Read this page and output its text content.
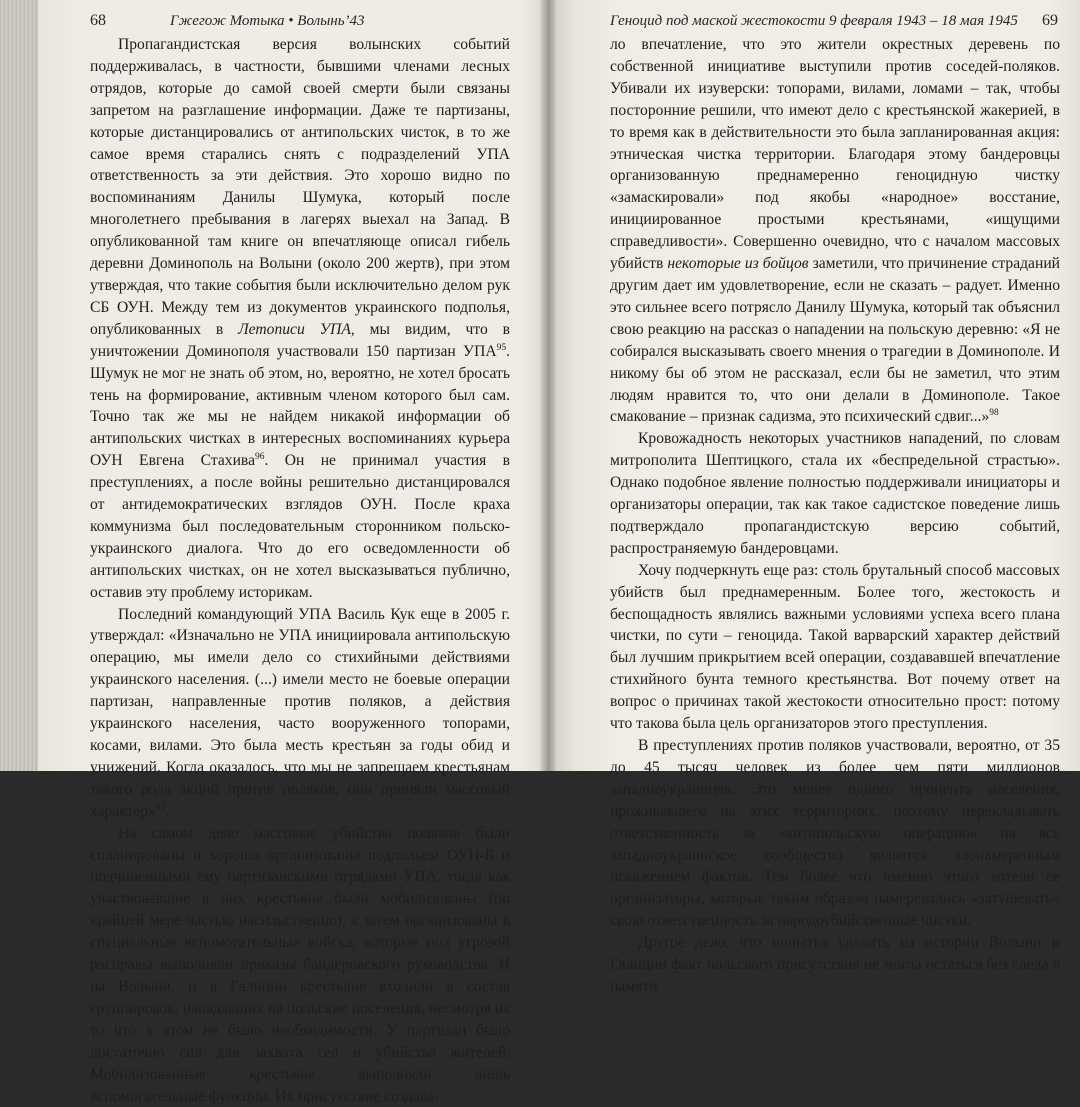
68	Гжегож Мотыка • Волынь’43

Пропагандистская версия волынских событий поддерживалась, в частности, бывшими членами лесных отрядов, которые до самой своей смерти были связаны запретом на разглашение информации. Даже те партизаны, которые дистанцировались от антипольских чисток, в то же самое время старались снять с подразделений УПА ответственность за эти действия. Это хорошо видно по воспоминаниям Данилы Шумука, который после многолетнего пребывания в лагерях выехал на Запад. В опубликованной там книге он впечатляюще описал гибель деревни Доминополь на Волыни (около 200 жертв), при этом утверждая, что такие события были исключительно делом рук СБ ОУН. Между тем из документов украинского подполья, опубликованных в Летописи УПА, мы видим, что в уничтожении Доминополя участвовали 150 партизан УПА$^{95}$. Шумук не мог не знать об этом, но, вероятно, не хотел бросать тень на формирование, активным членом которого был сам. Точно так же мы не найдем никакой информации об антипольских чистках в интересных воспоминаниях курьера ОУН Евгена Стахива$^{96}$. Он не принимал участия в преступлениях, а после войны решительно дистанцировался от антидемократических взглядов ОУН. После краха коммунизма был последовательным сторонником польско-украинского диалога. Что до его осведомленности об антипольских чистках, он не хотел высказываться публично, оставив эту проблему историкам.

Последний командующий УПА Василь Кук еще в 2005 г. утверждал: «Изначально не УПА инициировала антипольскую операцию, мы имели дело со стихийными действиями украинского населения. (...) имели место не боевые операции партизан, направленные против поляков, а действия украинского населения, часто вооруженного топорами, косами, вилами. Это была месть крестьян за годы обид и унижений. Когда оказалось, что мы не запрещаем крестьянам такого рода акций против поляков, они приняли массовый характер»$^{97}$.

На самом деле массовые убийства поляков были спланированы и хорошо организованы подпольем ОУН-Б и подчиненными ему партизанскими отрядами УПА, тогда как участвовавшие в них крестьяне были мобилизованы (по крайней мере частью насильственно), а затем организованы в специальные вспомогательные войска, которые под угрозой расправы выполняли приказы бандеровского руководства. И на Волыни, и в Галиции крестьяне входили в состав группировок, нападавших на польские поселения, несмотря на то что в этом не было необходимости. У партизан было достаточно сил для захвата сел и убийства жителей. Мобилизованные крестьяне выполняли лишь вспомогательные функции. Их присутствие создава-

Геноцид под маской жестокости 9 февраля 1943 – 18 мая 1945 69

ло впечатление, что это жители окрестных деревень по собственной инициативе выступили против соседей-поляков. Убивали их изуверски: топорами, вилами, ломами – так, чтобы посторонние решили, что имеют дело с крестьянской жакерией, в то время как в действительности это была запланированная акция: этническая чистка территории. Благодаря этому бандеровцы организованную преднамеренно геноцидную чистку «замаскировали» под якобы «народное» восстание, инициированное простыми крестьянами, «ищущими справедливости». Совершенно очевидно, что с началом массовых убийств некоторые из бойцов заметили, что причинение страданий другим дает им удовлетворение, если не сказать – радует. Именно это сильнее всего потрясло Данилу Шумука, который так объяснил свою реакцию на рассказ о нападении на польскую деревню: «Я не собирался высказывать своего мнения о трагедии в Доминополе. И никому бы об этом не рассказал, если бы не заметил, что этим людям нравится то, что они делали в Доминополе. Такое смакование – признак садизма, это психический сдвиг...»$^{98}$

Кровожадность некоторых участников нападений, по словам митрополита Шептицкого, стала их «беспредельной страстью». Однако подобное явление полностью поддерживали инициаторы и организаторы операции, так как такое садистское поведение лишь подтверждало пропагандистскую версию событий, распространяемую бандеровцами.

Хочу подчеркнуть еще раз: столь брутальный способ массовых убийств был преднамеренным. Более того, жестокость и беспощадность являлись важными условиями успеха всего плана чистки, по сути – геноцида. Такой варварский характер действий был лучшим прикрытием всей операции, создававшей впечатление стихийного бунта темного крестьянства. Вот почему ответ на вопрос о причинах такой жестокости относительно прост: потому что такова была цель организаторов этого преступления.

В преступлениях против поляков участвовали, вероятно, от 35 до 45 тысяч человек из более чем пяти миллионов западноукраинцев. Это менее одного процента населения, проживавшего на этих территориях, поэтому перекладывать ответственность за «антипольскую операцию» на все западноукраинское сообщество является злонамеренным искажением фактов. Тем более что именно этого хотели ее организаторы, которые таким образом намеревались «затушевать» свою ответственность за народоубийственные чистки.

Другое дело, что попытка удалить из истории Волыни и Галиции факт польского присутствия не могла остаться без следа в памяти
